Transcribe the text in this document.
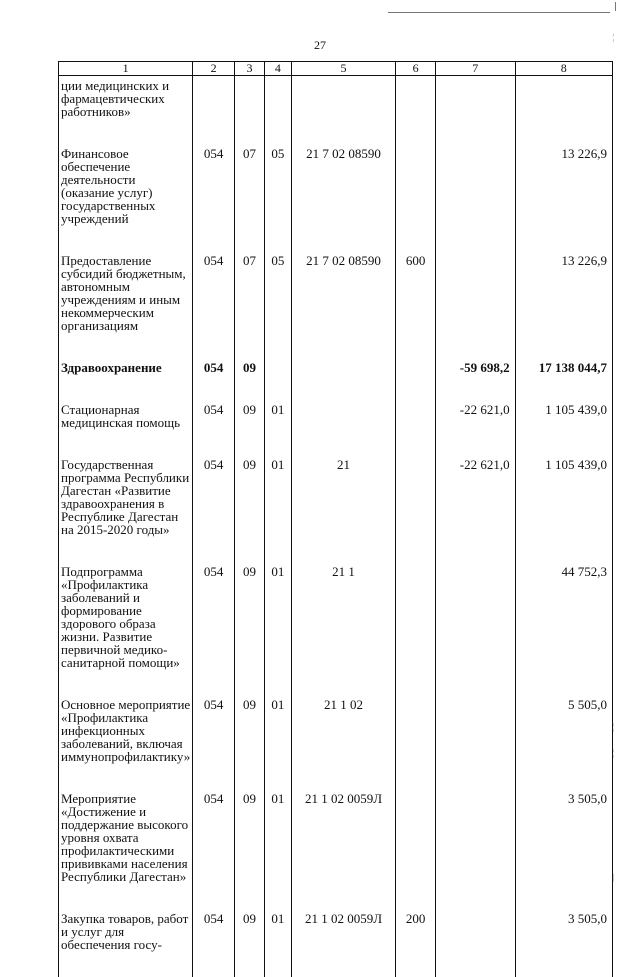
¦
¦
¦
|
27
1	2	3	4	5	6	7	8
ции медицинских и фармацевтических работников»							
Финансовое обеспечение деятельности (оказание услуг) государственных учреждений	054	07	05	21 7 02 08590			13 226,9
Предоставление субсидий бюджетным, автономным учреждениям и иным некоммерческим организациям	054	07	05	21 7 02 08590	600		13 226,9
Здравоохранение	054	09				-59 698,2	17 138 044,7
Стационарная медицинская помощь	054	09	01			-22 621,0	1 105 439,0
Государственная программа Республики Дагестан «Развитие здравоохранения в Республике Дагестан на 2015-2020 годы»	054	09	01	21		-22 621,0	1 105 439,0
Подпрограмма «Профилактика заболеваний и формирование здорового образа жизни. Развитие первичной медико-санитарной помощи»	054	09	01	21 1			44 752,3
Основное мероприятие «Профилактика инфекционных заболеваний, включая иммунопрофилактику»	054	09	01	21 1 02			5 505,0
Мероприятие «Достижение и поддержание высокого уровня охвата профилактическими прививками населения Республики Дагестан»	054	09	01	21 1 02 0059Л			3 505,0
Закупка товаров, работ и услуг для обеспечения госу-	054	09	01	21 1 02 0059Л	200		3 505,0
